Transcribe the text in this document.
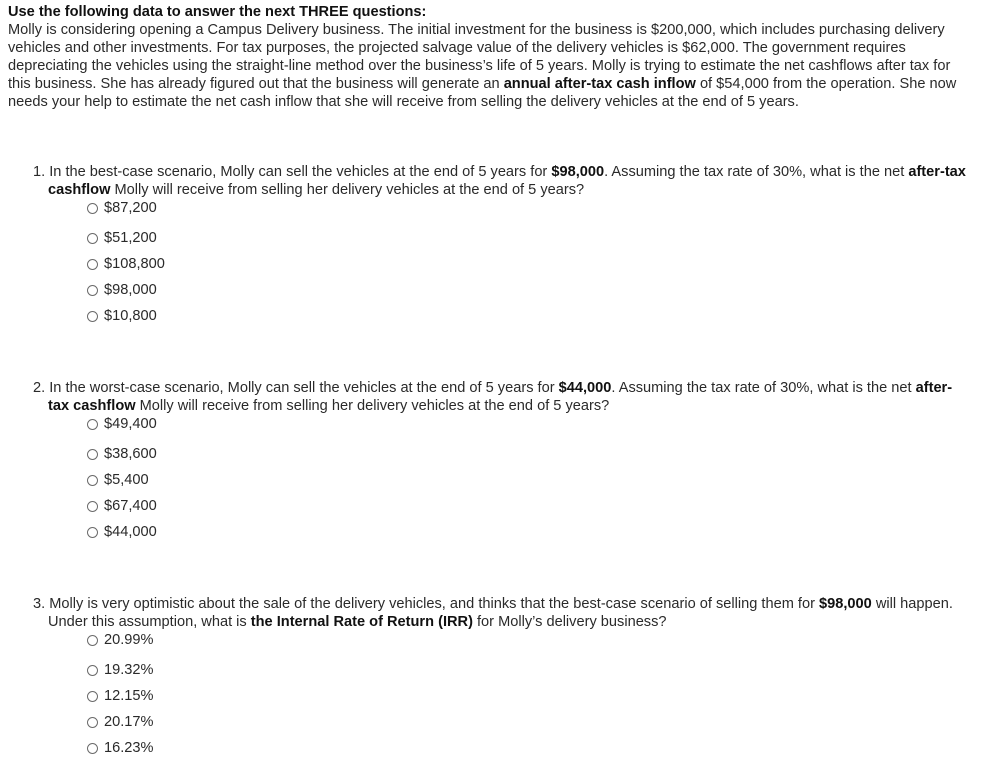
Use the following data to answer the next THREE questions:
Molly is considering opening a Campus Delivery business. The initial investment for the business is $200,000, which includes purchasing delivery vehicles and other investments. For tax purposes, the projected salvage value of the delivery vehicles is $62,000. The government requires depreciating the vehicles using the straight-line method over the business’s life of 5 years. Molly is trying to estimate the net cashflows after tax for this business. She has already figured out that the business will generate an annual after-tax cash inflow of $54,000 from the operation. She now needs your help to estimate the net cash inflow that she will receive from selling the delivery vehicles at the end of 5 years.
1. In the best-case scenario, Molly can sell the vehicles at the end of 5 years for $98,000. Assuming the tax rate of 30%, what is the net after-tax cashflow Molly will receive from selling her delivery vehicles at the end of 5 years?
$87,200
$51,200
$108,800
$98,000
$10,800
2. In the worst-case scenario, Molly can sell the vehicles at the end of 5 years for $44,000. Assuming the tax rate of 30%, what is the net after-tax cashflow Molly will receive from selling her delivery vehicles at the end of 5 years?
$49,400
$38,600
$5,400
$67,400
$44,000
3. Molly is very optimistic about the sale of the delivery vehicles, and thinks that the best-case scenario of selling them for $98,000 will happen. Under this assumption, what is the Internal Rate of Return (IRR) for Molly’s delivery business?
20.99%
19.32%
12.15%
20.17%
16.23%
